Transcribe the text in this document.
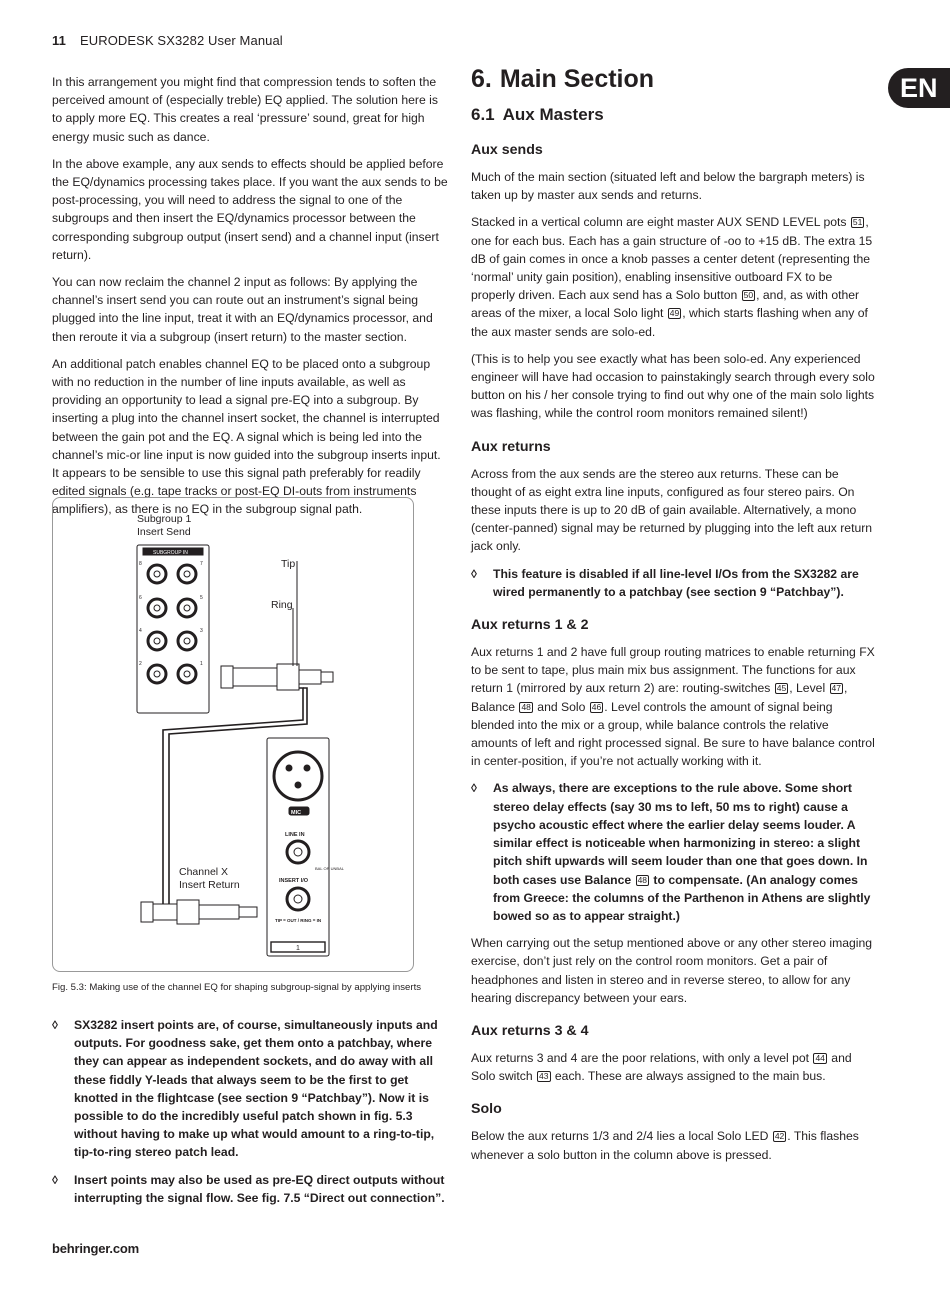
11 EURODESK SX3282 User Manual
EN

In this arrangement you might find that compression tends to soften the perceived amount of (especially treble) EQ applied. The solution here is to apply more EQ. This creates a real ‘pressure’ sound, great for high energy music such as dance.

In the above example, any aux sends to effects should be applied before the EQ/dynamics processing takes place. If you want the aux sends to be post-processing, you will need to address the signal to one of the subgroups and then insert the EQ/dynamics processor between the corresponding subgroup output (insert send) and a channel input (insert return).

You can now reclaim the channel 2 input as follows: By applying the channel’s insert send you can route out an instrument’s signal being plugged into the line input, treat it with an EQ/dynamics processor, and then reroute it via a subgroup (insert return) to the master section.

An additional patch enables channel EQ to be placed onto a subgroup with no reduction in the number of line inputs available, as well as providing an opportunity to lead a signal pre-EQ into a subgroup. By inserting a plug into the channel insert socket, the channel is interrupted between the gain pot and the EQ. A signal which is being led into the channel’s mic-or line input is now guided into the subgroup inserts input. It appears to be sensible to use this signal path preferably for readily edited signals (e.g. tape tracks or post-EQ DI-outs from instruments amplifiers), as there is no EQ in the subgroup signal path.

8	7
6	5
4	3
2	1
SUBGROUP IN
MIC
LINE IN
INSERT I/O
BAL OR UNBAL
TIP = OUT / RING = IN
1
Subgroup 1
Insert Send
Tip
Ring
Channel X
Insert Return
Fig. 5.3: Making use of the channel EQ for shaping subgroup-signal by applying inserts
◊	SX3282 insert points are, of course, simultaneously inputs and outputs. For goodness sake, get them onto a patchbay, where they can appear as independent sockets, and do away with all these fiddly Y-leads that always seem to be the first to get knotted in the flightcase (see section 9 “Patchbay”). Now it is possible to do the incredibly useful patch shown in fig. 5.3 without having to make up what would amount to a ring-to-tip, tip-to-ring stereo patch lead.
◊	Insert points may also be used as pre-EQ direct outputs without interrupting the signal flow. See fig. 7.5 “Direct out connection”.
6. Main Section
6.1 Aux Masters
Aux sends

Much of the main section (situated left and below the bargraph meters) is taken up by master aux sends and returns.

Stacked in a vertical column are eight master AUX SEND LEVEL pots 51 , one for each bus. Each has a gain structure of -oo to +15 dB. The extra 15 dB of gain comes in once a knob passes a center detent (representing the ‘normal’ unity gain position), enabling insensitive outboard FX to be properly driven. Each aux send has a Solo button 50 , and, as with other areas of the mixer, a local Solo light 49 , which starts flashing when any of the aux master sends are solo-ed.

(This is to help you see exactly what has been solo-ed. Any experienced engineer will have had occasion to painstakingly search through every solo button on his / her console trying to find out why one of the main solo lights was flashing, while the control room monitors remained silent!)

Aux returns

Across from the aux sends are the stereo aux returns. These can be thought of as eight extra line inputs, configured as four stereo pairs. On these inputs there is up to 20 dB of gain available. Alternatively, a mono (center-panned) signal may be returned by plugging into the left aux return jack only.

◊	This feature is disabled if all line-level I/Os from the SX3282 are wired permanently to a patchbay (see section 9 “Patchbay”).
Aux returns 1 & 2

Aux returns 1 and 2 have full group routing matrices to enable returning FX to be sent to tape, plus main mix bus assignment. The functions for aux return 1 (mirrored by aux return 2) are: routing-switches 45 , Level 47 , Balance 48 and Solo 46 . Level controls the amount of signal being blended into the mix or a group, while balance controls the relative amounts of left and right processed signal. Be sure to have balance control in center-position, if you’re not actually working with it.

◊	As always, there are exceptions to the rule above. Some short stereo delay effects (say 30 ms to left, 50 ms to right) cause a psycho acoustic effect where the earlier delay seems louder. A similar effect is noticeable when harmonizing in stereo: a slight pitch shift upwards will seem louder than one that goes down. In both cases use Balance 48 to compensate. (An analogy comes from Greece: the columns of the Parthenon in Athens are slightly bowed so as to appear straight.)

When carrying out the setup mentioned above or any other stereo imaging exercise, don’t just rely on the control room monitors. Get a pair of headphones and listen in stereo and in reverse stereo, to allow for any hearing discrepancy between your ears.

Aux returns 3 & 4

Aux returns 3 and 4 are the poor relations, with only a level pot 44 and Solo switch 43 each. These are always assigned to the main bus.

Solo

Below the aux returns 1/3 and 2/4 lies a local Solo LED 42 . This flashes whenever a solo button in the column above is pressed.

behringer.com
